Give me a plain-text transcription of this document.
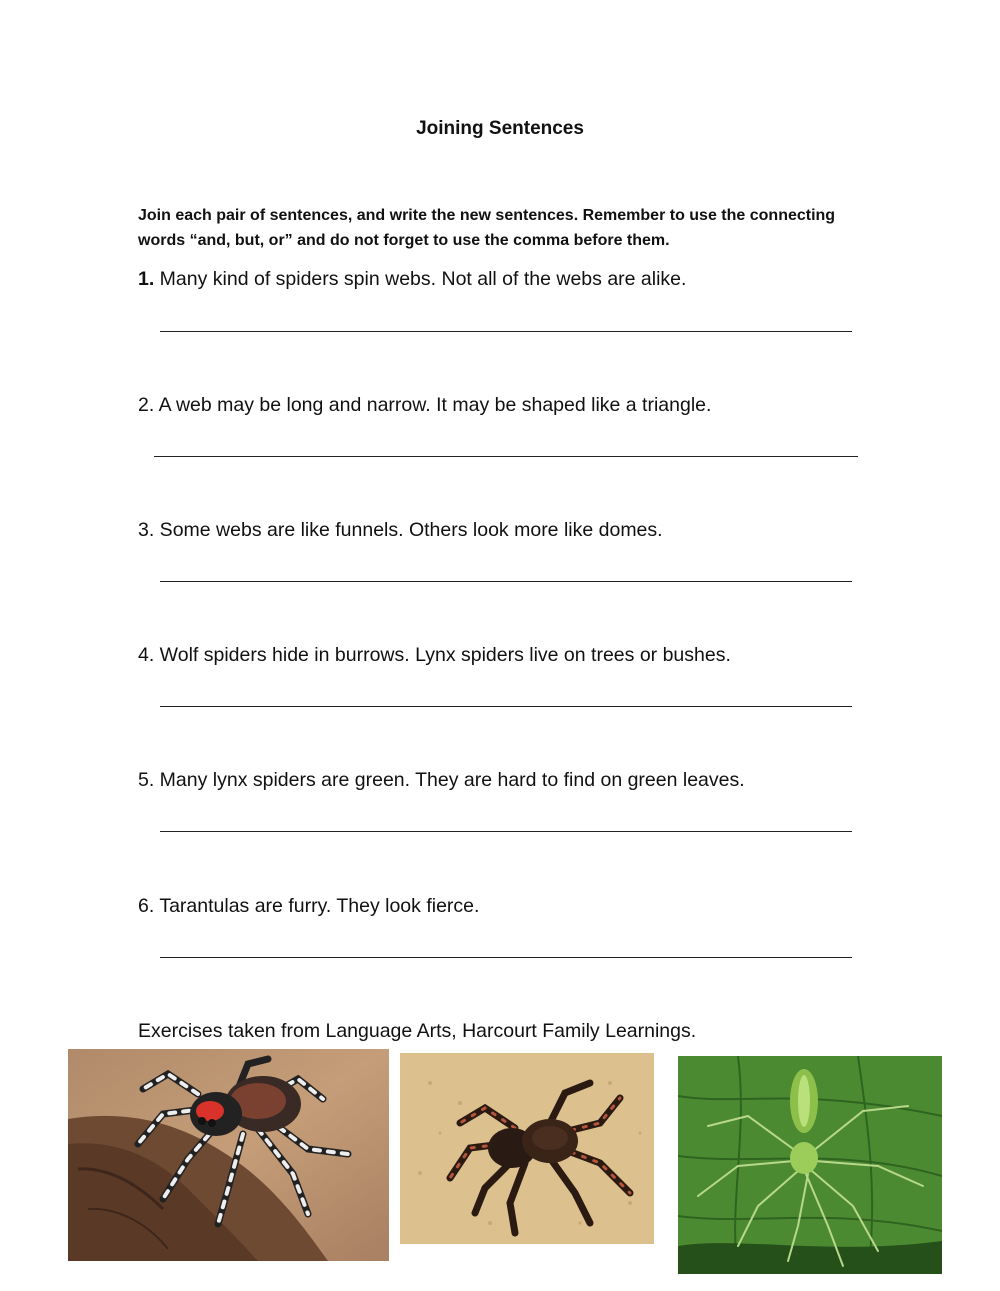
Joining Sentences
Join each pair of sentences, and write the new sentences. Remember to use the connecting words “and, but, or” and do not forget to use the comma before them.
1. Many kind of spiders spin webs. Not all of the webs are alike.
2. A web may be long and narrow. It may be shaped like a triangle.
3. Some webs are like funnels. Others look more like domes.
4. Wolf spiders hide in burrows. Lynx spiders live on trees or bushes.
5. Many lynx spiders are green. They are hard to find on green leaves.
6. Tarantulas are furry. They look fierce.
Exercises taken from Language Arts, Harcourt Family Learnings.
